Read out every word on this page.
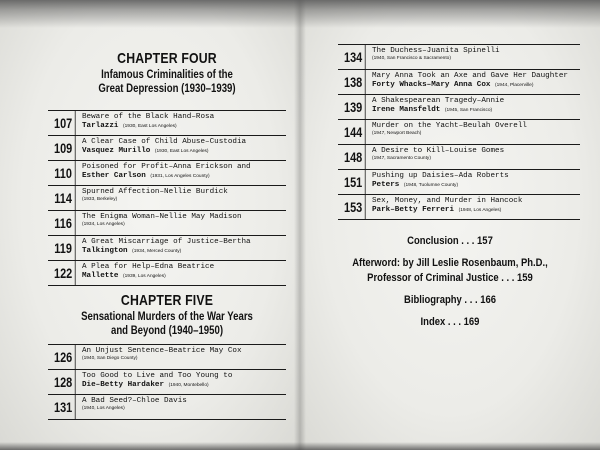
CHAPTER FOUR
Infamous Criminalities of the
Great Depression (1930–1939)
107	Beware of the Black Hand–Rosa
Tarlazzi (1930, East Los Angeles)
109	A Clear Case of Child Abuse–Custodia
Vasquez Murillo (1930, East Los Angeles)
110	Poisoned for Profit–Anna Erickson and
Esther Carlson (1931, Los Angeles County)
114	Spurned Affection–Nellie Burdick
(1933, Berkeley)
116	The Enigma Woman–Nellie May Madison
(1934, Los Angeles)
119	A Great Miscarriage of Justice–Bertha
Talkington (1934, Merced County)
122	A Plea for Help–Edna Beatrice
Mallette (1939, Los Angeles)
CHAPTER FIVE
Sensational Murders of the War Years
and Beyond (1940–1950)
126	An Unjust Sentence–Beatrice May Cox
(1940, San Diego County)
128	Too Good to Live and Too Young to
Die–Betty Hardaker (1940, Montebello)
131	A Bad Seed?–Chloe Davis
(1940, Los Angeles)
134	The Duchess–Juanita Spinelli
(1940, San Francisco & Sacramento)
138	Mary Anna Took an Axe and Gave Her Daughter
Forty Whacks–Mary Anna Cox (1944, Placerville)
139	A Shakespearean Tragedy–Annie
Irene Mansfeldt (1945, San Francisco)
144	Murder on the Yacht–Beulah Overell
(1947, Newport Beach)
148	A Desire to Kill–Louise Gomes
(1947, Sacramento County)
151	Pushing up Daisies–Ada Roberts
Peters (1948, Tuolumne County)
153	Sex, Money, and Murder in Hancock
Park–Betty Ferreri (1948, Los Angeles)
Conclusion . . . 157
Afterword: by Jill Leslie Rosenbaum, Ph.D.,
Professor of Criminal Justice . . . 159
Bibliography . . . 166
Index . . . 169
